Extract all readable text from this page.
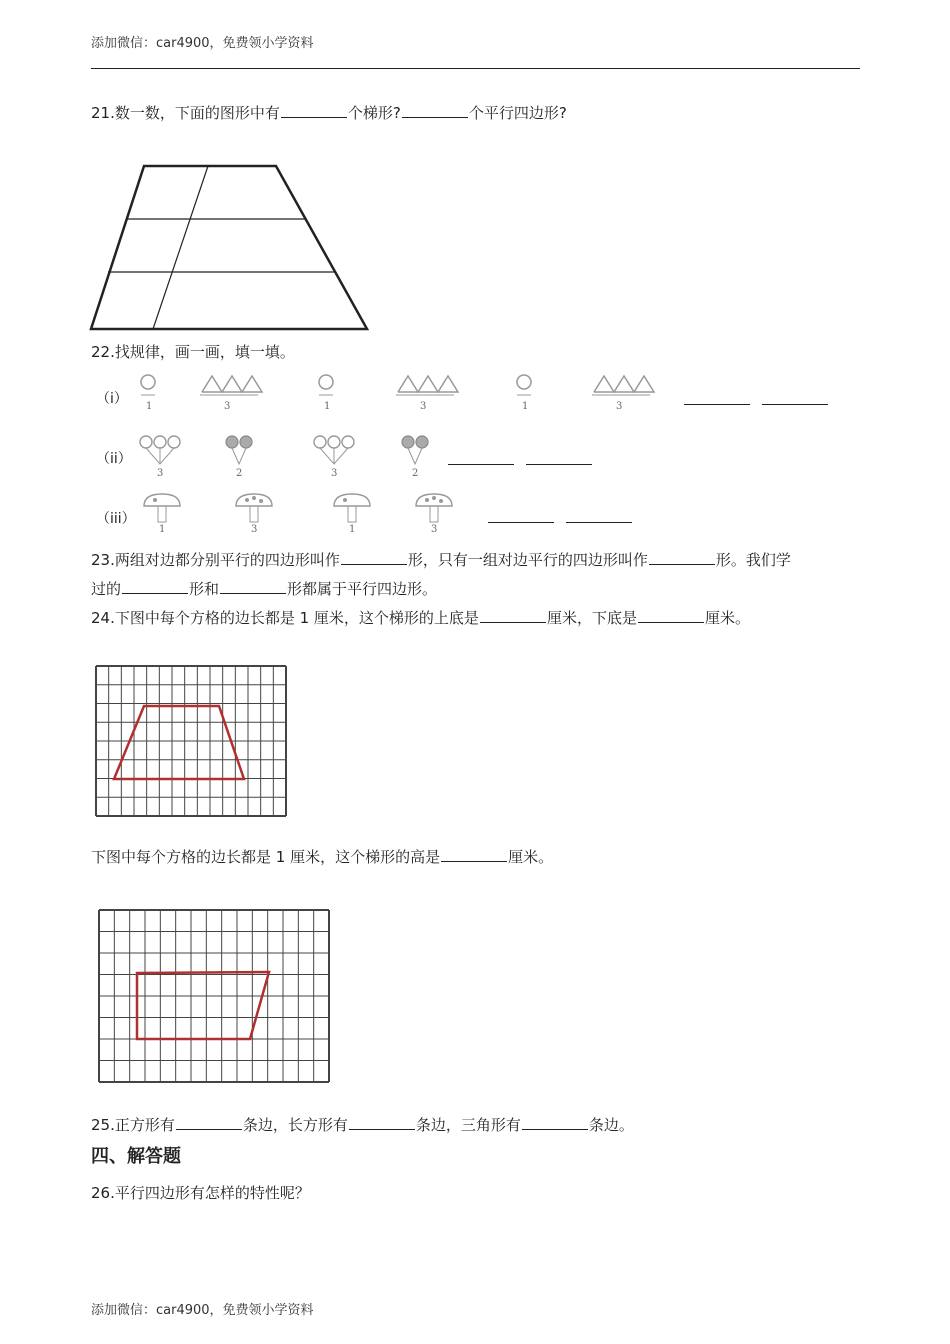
添加微信：car4900，免费领小学资料
21.数一数，下面的图形中有	个梯形?	个平行四边形?
22.找规律，画一画，填一填。
（i）
（ii）
（iii）
1	3	1	3	1	3
3	2	3	2
1	3	1	3
23.两组对边都分别平行的四边形叫作	形，只有一组对边平行的四边形叫作	形。我们学
过的	形和	形都属于平行四边形。
24.下图中每个方格的边长都是 1 厘米，这个梯形的上底是	厘米，下底是	厘米。
下图中每个方格的边长都是 1 厘米，这个梯形的高是	厘米。
25.正方形有	条边，长方形有	条边，三角形有	条边。
四、解答题
26.平行四边形有怎样的特性呢？
添加微信：car4900，免费领小学资料
